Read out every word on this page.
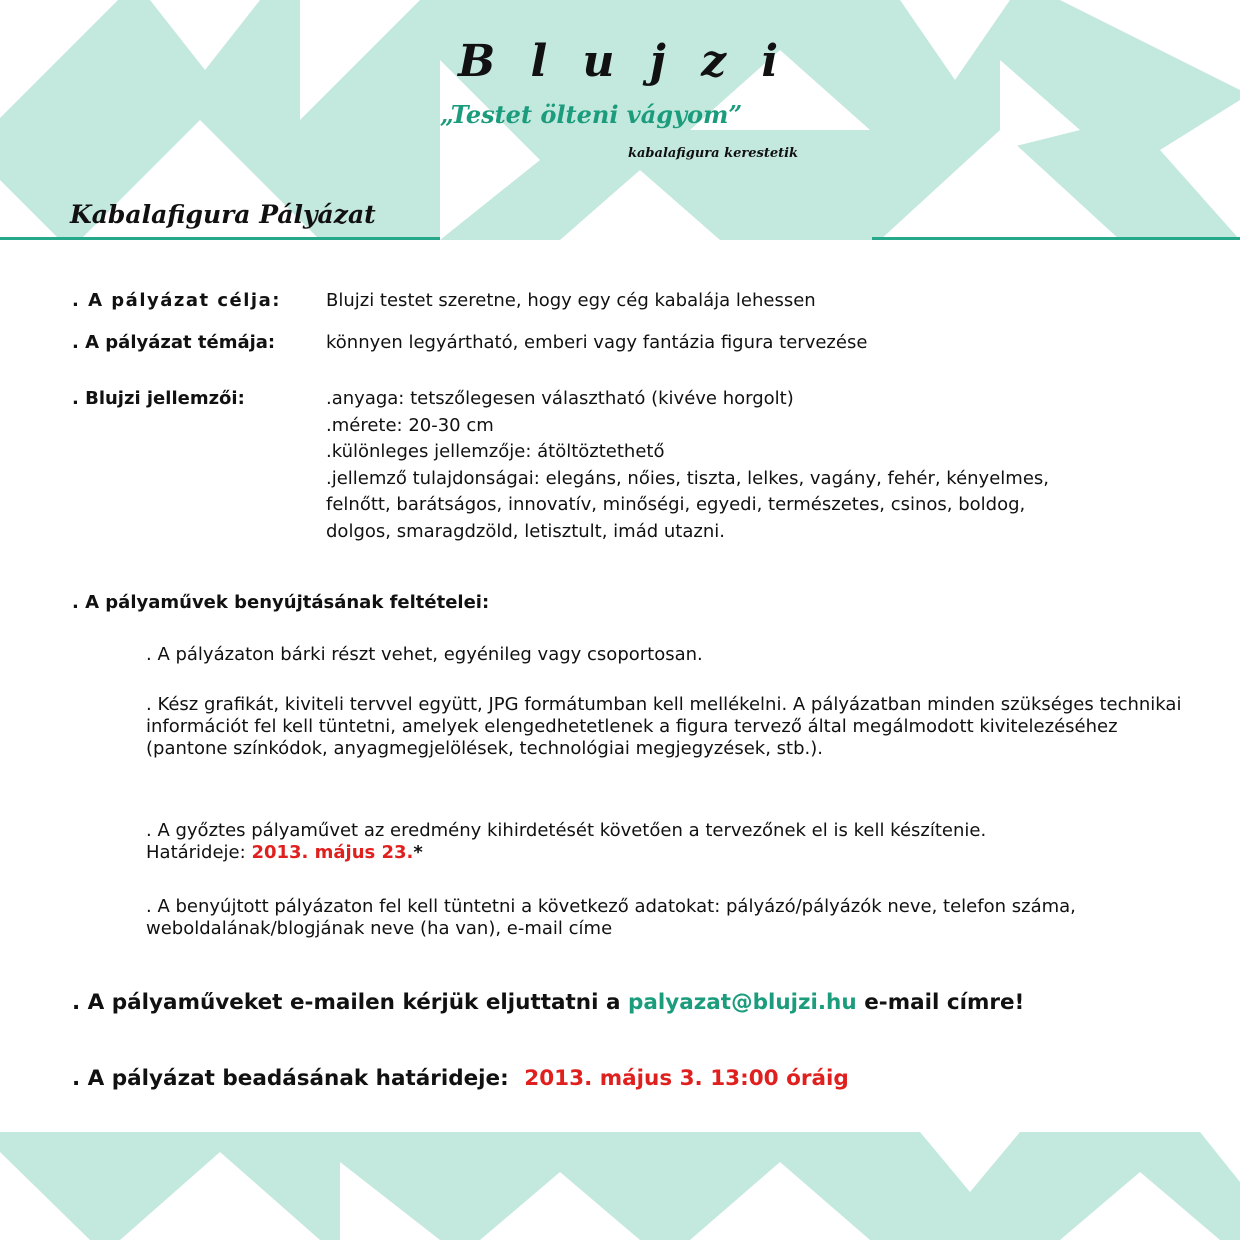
B l u j z i

„Testet ölteni vágyom”

kabalafigura kerestetik

Kabalafigura Pályázat
. A pályázat célja:	Blujzi testet szeretne, hogy egy cég kabalája lehessen
. A pályázat témája:	könnyen legyártható, emberi vagy fantázia figura tervezése
. Blujzi jellemzői:	.anyaga: tetszőlegesen választható (kivéve horgolt)
.mérete: 20-30 cm
.különleges jellemzője: átöltöztethető
.jellemző tulajdonságai: elegáns, nőies, tiszta, lelkes, vagány, fehér, kényelmes,
felnőtt, barátságos, innovatív, minőségi, egyedi, természetes, csinos, boldog,
dolgos, smaragdzöld, letisztult, imád utazni.
. A pályaművek benyújtásának feltételei:

. A pályázaton bárki részt vehet, egyénileg vagy csoportosan.

. Kész grafikát, kiviteli tervvel együtt, JPG formátumban kell mellékelni. A pályázatban minden szükséges technikai információt fel kell tüntetni, amelyek elengedhetetlenek a figura tervező által megálmodott kivitelezéséhez (pantone színkódok, anyagmegjelölések, technológiai megjegyzések, stb.).

. A győztes pályaművet az eredmény kihirdetését követően a tervezőnek el is kell készítenie.
Határideje: 2013. május 23.*

. A benyújtott pályázaton fel kell tüntetni a következő adatokat: pályázó/pályázók neve, telefon száma, weboldalának/blogjának neve (ha van), e-mail címe

. A pályaműveket e-mailen kérjük eljuttatni a palyazat@blujzi.hu e-mail címre!
. A pályázat beadásának határideje: 2013. május 3. 13:00 óráig
